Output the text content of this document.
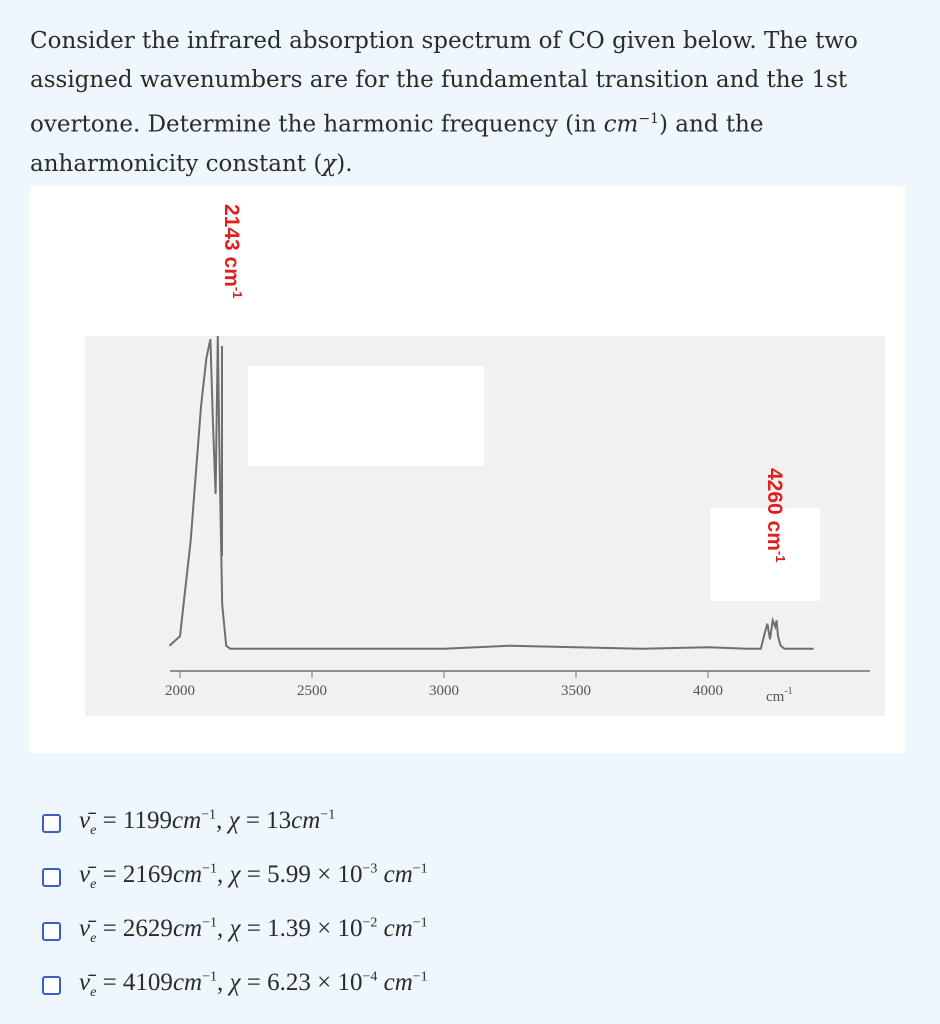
Consider the infrared absorption spectrum of CO given below. The two
assigned wavenumbers are for the fundamental transition and the 1st
overtone. Determine the harmonic frequency (in $cm^{-1}$) and the
anharmonicity constant (χ).
2000	2500	3000	3500	4000
2143 $cm^{-1}$
4260 $cm^{-1}$
$cm^{-1}$
$\nū_e = 1199cm^{-1}$, $\chi = 13cm^{-1}$
$\nū_e = 2169cm^{-1}$, $\chi = 5.99 \times 10^{-3}$ $cm^{-1}$
$\nū_e = 2629cm^{-1}$, $\chi = 1.39 \times 10^{-2}$ $cm^{-1}$
$\nū_e = 4109cm^{-1}$, $\chi = 6.23 \times 10^{-4}$ $cm^{-1}$
